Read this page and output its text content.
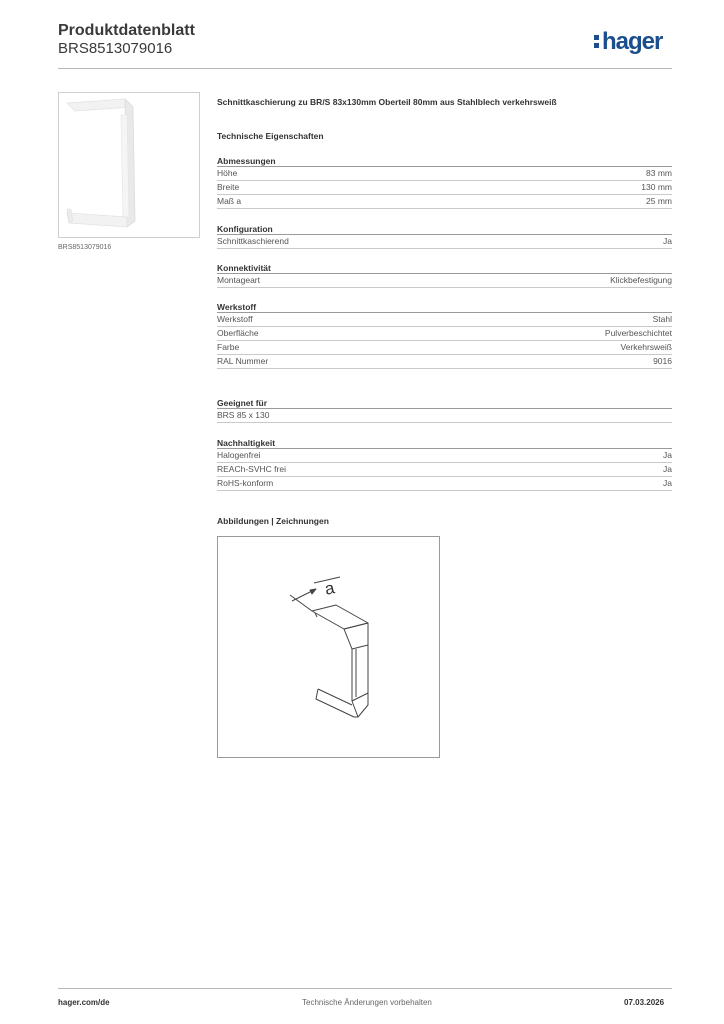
Produktdatenblatt
BRS8513079016	hager
BRS8513079016
Schnittkaschierung zu BR/S 83x130mm Oberteil 80mm aus Stahlblech verkehrsweiß
Technische Eigenschaften
Abmessungen
Höhe	83 mm
Breite	130 mm
Maß a	25 mm
Konfiguration
Schnittkaschierend	Ja
Konnektivität
Montageart	Klickbefestigung
Werkstoff
Werkstoff	Stahl
Oberfläche	Pulverbeschichtet
Farbe	Verkehrsweiß
RAL Nummer	9016
Geeignet für
BRS 85 x 130
Nachhaltigkeit
Halogenfrei	Ja
REACh-SVHC frei	Ja
RoHS-konform	Ja
Abbildungen | Zeichnungen
a
hager.com/de	Technische Änderungen vorbehalten	07.03.2026
